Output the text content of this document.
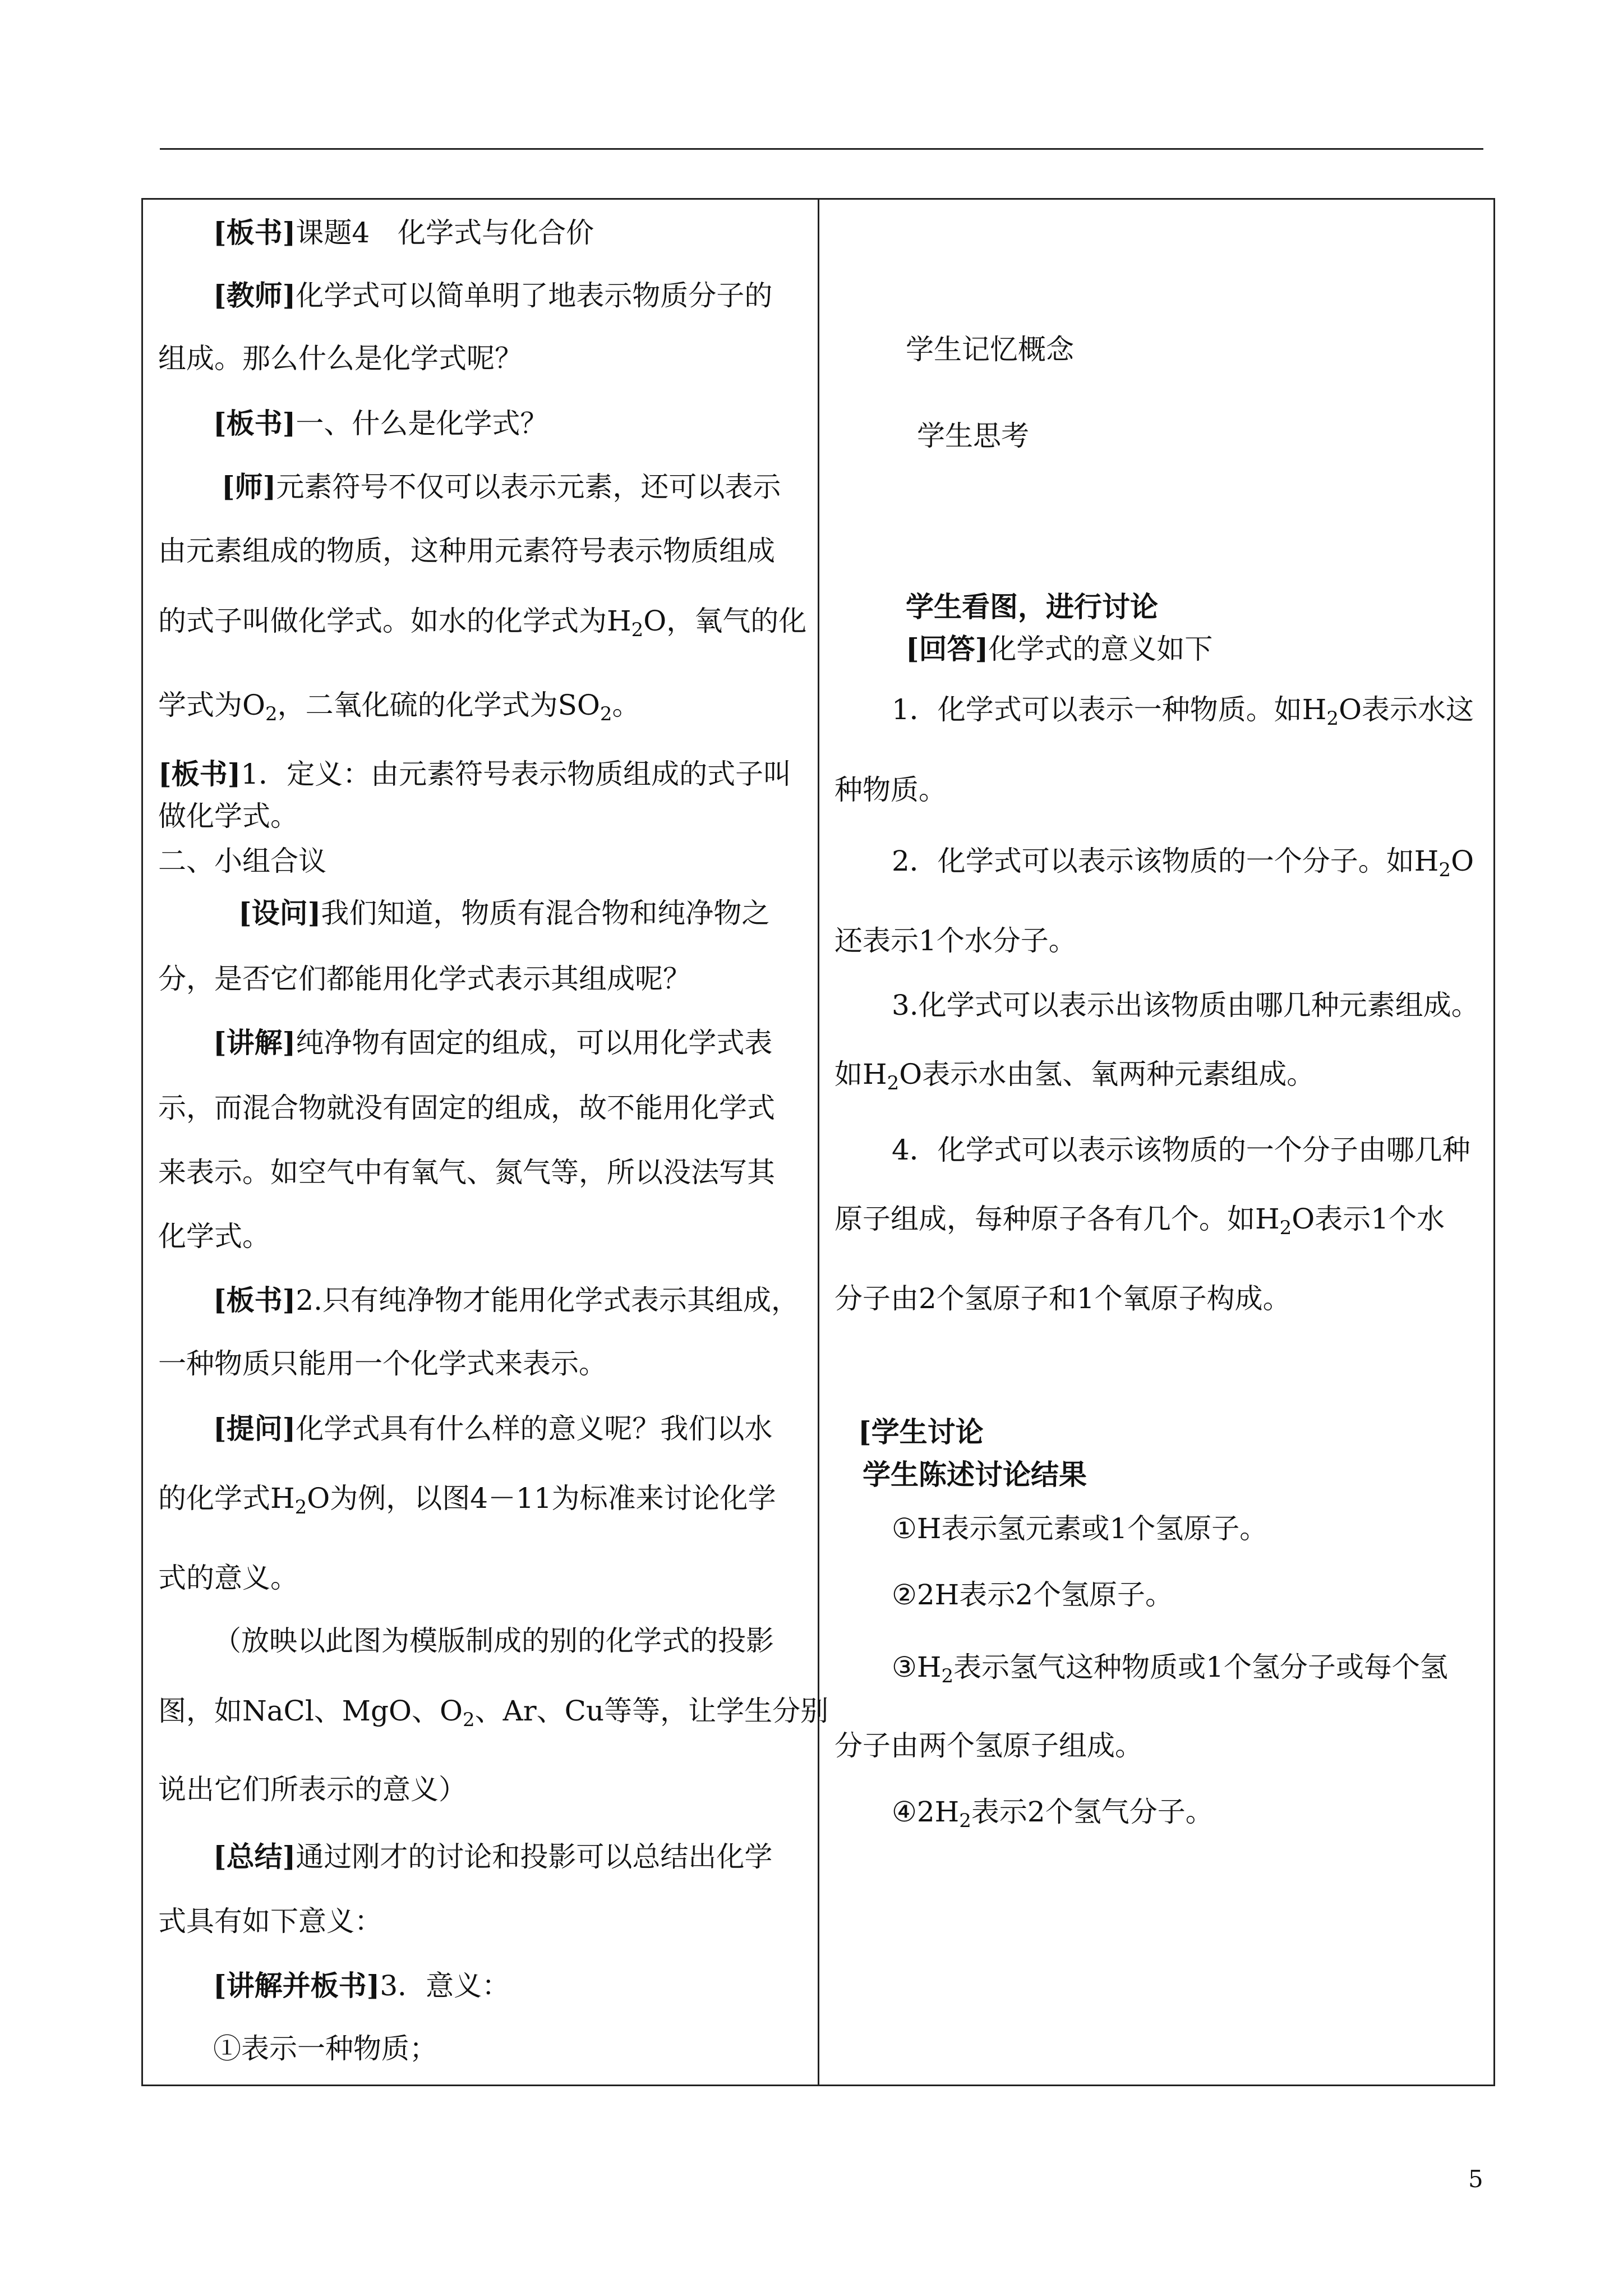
[板书]课题4　化学式与化合价
[教师]化学式可以简单明了地表示物质分子的
组成。那么什么是化学式呢？
[板书]一、什么是化学式？
[师]元素符号不仅可以表示元素，还可以表示
由元素组成的物质，这种用元素符号表示物质组成
的式子叫做化学式。如水的化学式为$H_2O$，氧气的化
学式为$O_2$，二氧化硫的化学式为$SO_2$。
[板书]1．定义：由元素符号表示物质组成的式子叫
做化学式。
二、小组合议
[设问]我们知道，物质有混合物和纯净物之
分，是否它们都能用化学式表示其组成呢？
[讲解]纯净物有固定的组成，可以用化学式表
示，而混合物就没有固定的组成，故不能用化学式
来表示。如空气中有氧气、氮气等，所以没法写其
化学式。
[板书]2.只有纯净物才能用化学式表示其组成，
一种物质只能用一个化学式来表示。
[提问]化学式具有什么样的意义呢？我们以水
的化学式$H_2O$为例，以图4－11为标准来讨论化学
式的意义。
（放映以此图为模版制成的别的化学式的投影
图，如NaCl、MgO、$O_2$、Ar、Cu等等，让学生分别
说出它们所表示的意义）
[总结]通过刚才的讨论和投影可以总结出化学
式具有如下意义：
[讲解并板书]3．意义：
①表示一种物质；
学生记忆概念
学生思考
学生看图，进行讨论
[回答]化学式的意义如下
1．化学式可以表示一种物质。如$H_2O$表示水这
种物质。
2．化学式可以表示该物质的一个分子。如$H_2O$
还表示1个水分子。
3.化学式可以表示出该物质由哪几种元素组成。
如$H_2O$表示水由氢、氧两种元素组成。
4．化学式可以表示该物质的一个分子由哪几种
原子组成，每种原子各有几个。如$H_2O$表示1个水
分子由2个氢原子和1个氧原子构成。
[学生讨论
学生陈述讨论结果
①H表示氢元素或1个氢原子。
②2H表示2个氢原子。
$③H_2$表示氢气这种物质或1个氢分子或每个氢
分子由两个氢原子组成。
$④2H_2$表示2个氢气分子。
5
